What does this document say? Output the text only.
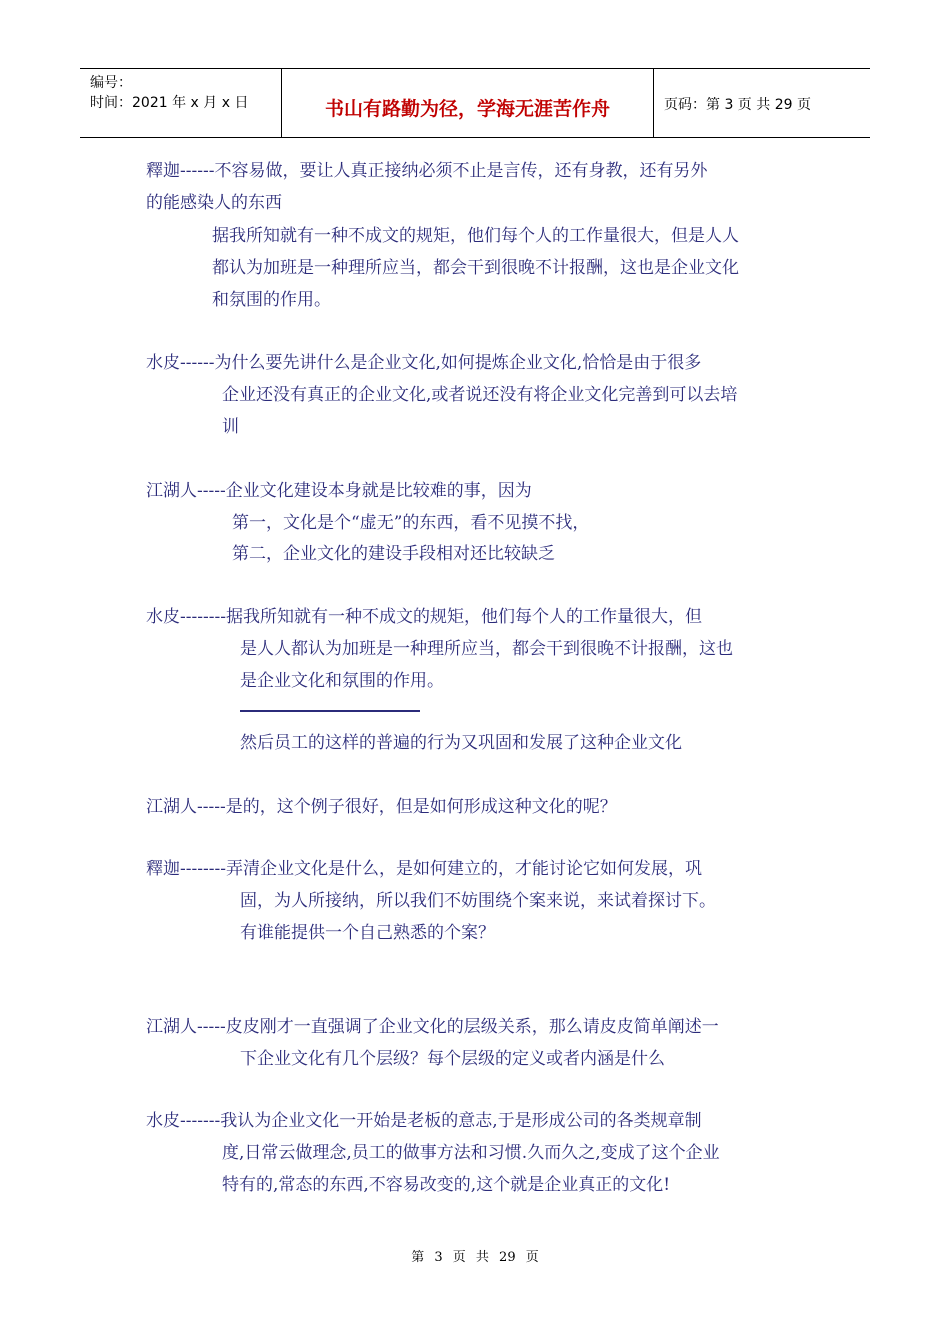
编号：
时间：2021 年 x 月 x 日	书山有路勤为径，学海无涯苦作舟	页码：第 3 页 共 29 页
釋迦------不容易做，要让人真正接纳必须不止是言传，还有身教，还有另外
的能感染人的东西
据我所知就有一种不成文的规矩，他们每个人的工作量很大，但是人人
都认为加班是一种理所应当，都会干到很晚不计报酬，这也是企业文化
和氛围的作用。
水皮------为什么要先讲什么是企业文化,如何提炼企业文化,恰恰是由于很多
企业还没有真正的企业文化,或者说还没有将企业文化完善到可以去培
训
江湖人-----企业文化建设本身就是比较难的事，因为
第一，文化是个“虚无”的东西，看不见摸不找，
第二，企业文化的建设手段相对还比较缺乏
水皮--------据我所知就有一种不成文的规矩，他们每个人的工作量很大，但
是人人都认为加班是一种理所应当，都会干到很晚不计报酬，这也
是企业文化和氛围的作用。
然后员工的这样的普遍的行为又巩固和发展了这种企业文化
江湖人-----是的，这个例子很好，但是如何形成这种文化的呢？
釋迦--------弄清企业文化是什么，是如何建立的，才能讨论它如何发展，巩
固，为人所接纳，所以我们不妨围绕个案来说，来试着探讨下。
有谁能提供一个自己熟悉的个案？
江湖人-----皮皮刚才一直强调了企业文化的层级关系，那么请皮皮简单阐述一
下企业文化有几个层级？每个层级的定义或者内涵是什么
水皮-------我认为企业文化一开始是老板的意志,于是形成公司的各类规章制
度,日常云做理念,员工的做事方法和习惯.久而久之,变成了这个企业
特有的,常态的东西,不容易改变的,这个就是企业真正的文化!
第 3 页 共 29 页
